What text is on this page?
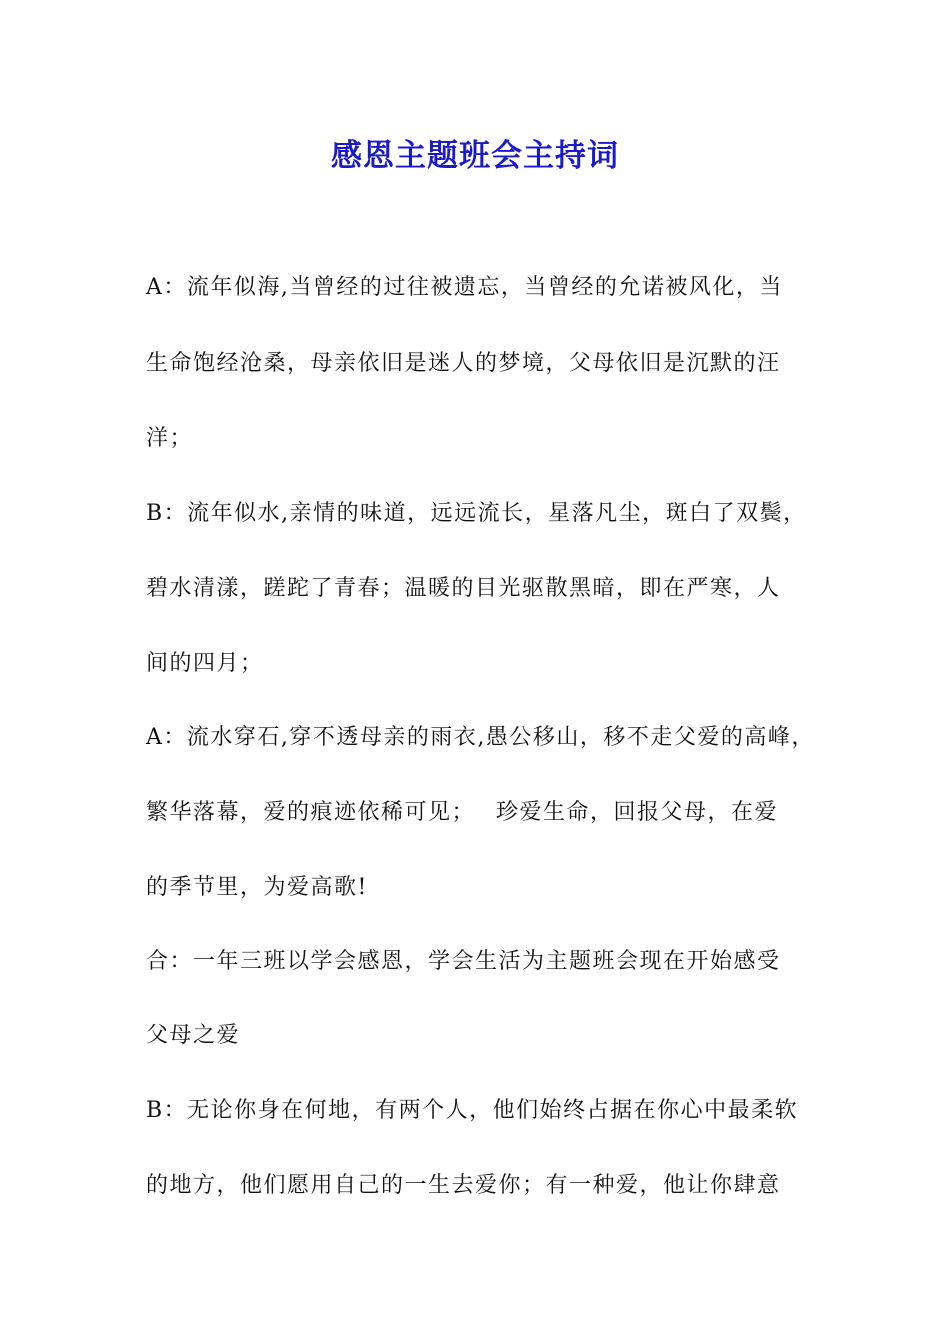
感恩主题班会主持词
A：流年似海,当曾经的过往被遗忘，当曾经的允诺被风化，当
生命饱经沧桑，母亲依旧是迷人的梦境，父母依旧是沉默的汪
洋；
B：流年似水,亲情的味道，远远流长，星落凡尘，斑白了双鬓，
碧水清漾，蹉跎了青春；温暖的目光驱散黑暗，即在严寒，人
间的四月；
A：流水穿石,穿不透母亲的雨衣,愚公移山，移不走父爱的高峰，
繁华落幕，爱的痕迹依稀可见；　 珍爱生命，回报父母，在爱
的季节里，为爱高歌!
合：一年三班以学会感恩，学会生活为主题班会现在开始感受
父母之爱
B：无论你身在何地，有两个人，他们始终占据在你心中最柔软
的地方，他们愿用自己的一生去爱你；有一种爱，他让你肆意
